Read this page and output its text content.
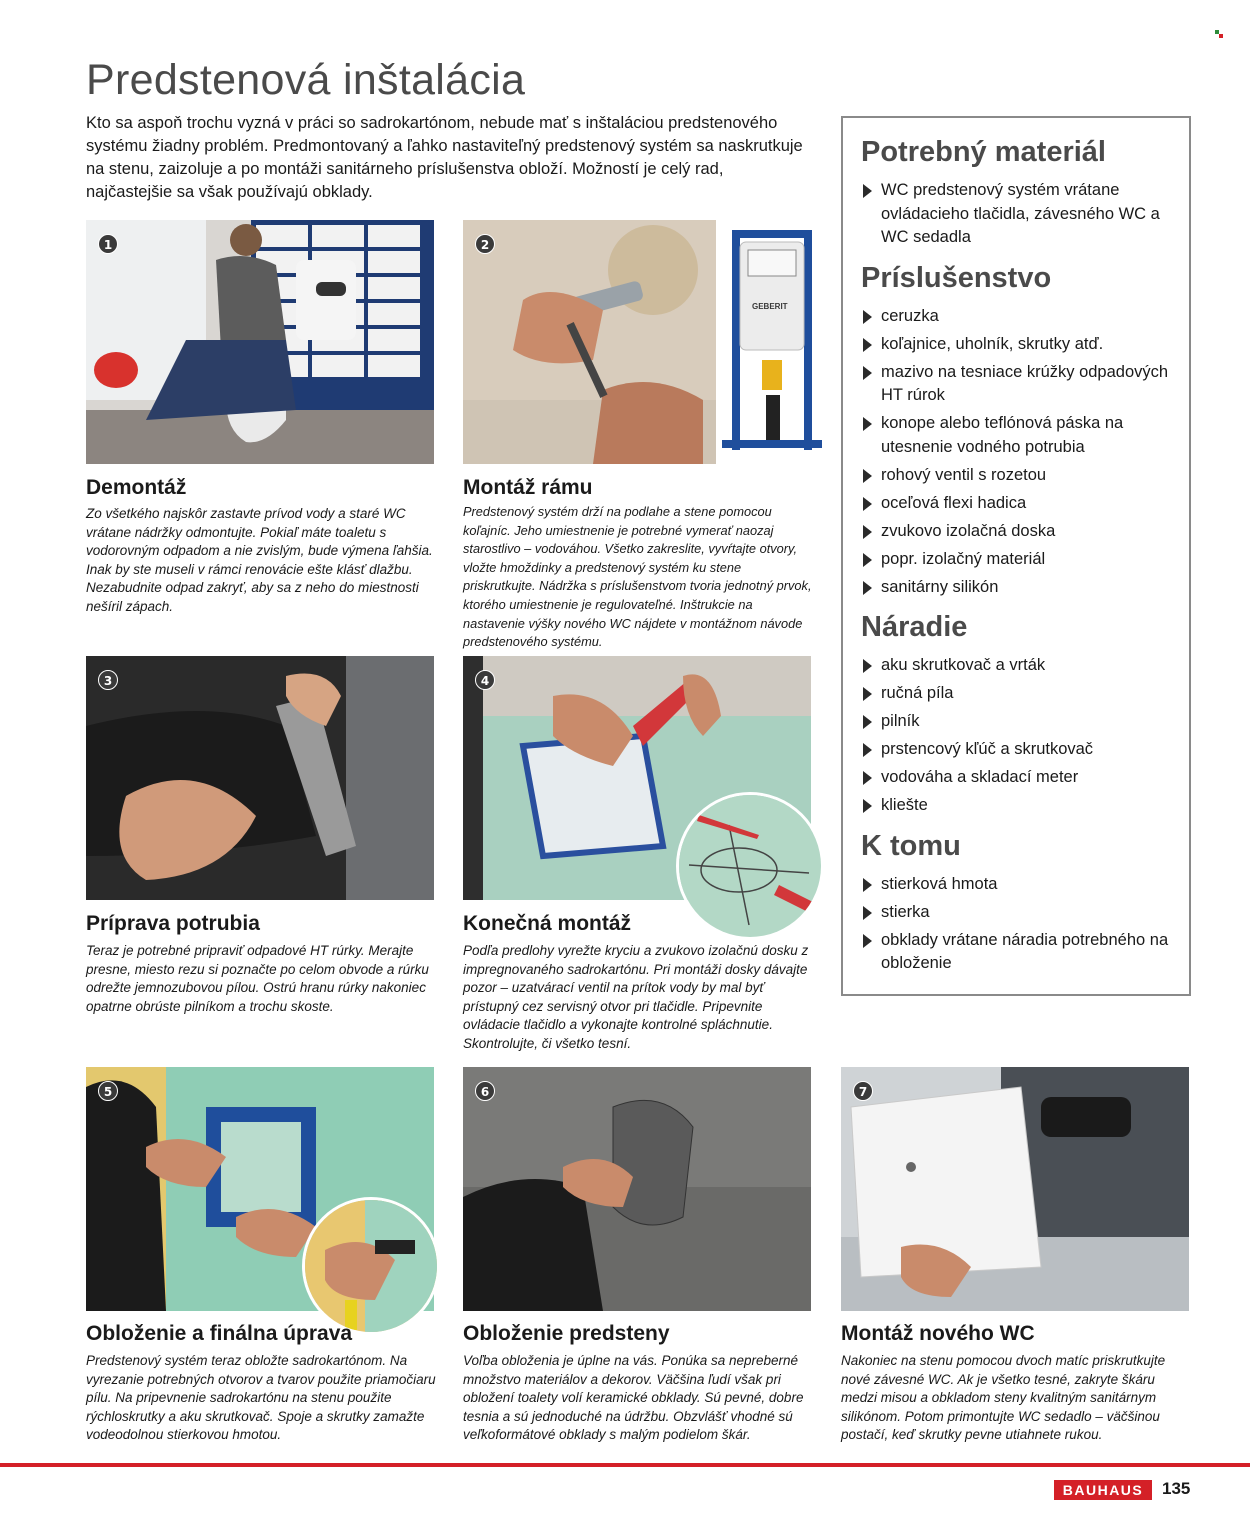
Predstenová inštalácia
Kto sa aspoň trochu vyzná v práci so sadrokartónom, nebude mať s inštaláciou predstenového systému žiadny problém. Predmontovaný a ľahko nastaviteľný predstenový systém sa naskrutkuje na stenu, zaizoluje a po montáži sanitárneho príslušenstva obloží. Možností je celý rad, najčastejšie sa však používajú obklady.
1	2
GEBERIT
3	4
5	6	7
Demontáž
Zo všetkého najskôr zastavte prívod vody a staré WC vrátane nádržky odmontujte. Pokiaľ máte toaletu s vodorovným odpadom a nie zvislým, bude výmena ľahšia. Inak by ste museli v rámci renovácie ešte klásť dlažbu. Nezabudnite odpad zakryť, aby sa z neho do miestnosti nešíril zápach.
Montáž rámu
Predstenový systém drží na podlahe a stene pomocou koľajníc. Jeho umiestnenie je potrebné vymerať naozaj starostlivo – vodováhou. Všetko zakreslite, vyvŕtajte otvory, vložte hmoždinky a predstenový systém ku stene priskrutkujte. Nádržka s príslušenstvom tvoria jednotný prvok, ktorého umiestnenie je regulovateľné. Inštrukcie na nastavenie výšky nového WC nájdete v montážnom návode predstenového systému.
Príprava potrubia
Teraz je potrebné pripraviť odpadové HT rúrky. Merajte presne, miesto rezu si poznačte po celom obvode a rúrku odrežte jemnozubovou pílou. Ostrú hranu rúrky nakoniec opatrne obrúste pilníkom a trochu skoste.
Konečná montáž
Podľa predlohy vyrežte kryciu a zvukovo izolačnú dosku z impregnovaného sadrokartónu. Pri montáži dosky dávajte pozor – uzatvárací ventil na prítok vody by mal byť prístupný cez servisný otvor pri tlačidle. Pripevnite ovládacie tlačidlo a vykonajte kontrolné spláchnutie. Skontrolujte, či všetko tesní.
Obloženie a finálna úprava
Predstenový systém teraz obložte sadrokartónom. Na vyrezanie potrebných otvorov a tvarov použite priamočiaru pílu. Na pripevnenie sadrokartónu na stenu použite rýchloskrutky a aku skrutkovač. Spoje a skrutky zamažte vodeodolnou stierkovou hmotou.
Obloženie predsteny
Voľba obloženia je úplne na vás. Ponúka sa nepreberné množstvo materiálov a dekorov. Väčšina ľudí však pri obložení toalety volí keramické obklady. Sú pevné, dobre tesnia a sú jednoduché na údržbu. Obzvlášť vhodné sú veľkoformátové obklady s malým podielom škár.
Montáž nového WC
Nakoniec na stenu pomocou dvoch matíc priskrutkujte nové závesné WC. Ak je všetko tesné, zakryte škáru medzi misou a obkladom steny kvalitným sanitárnym silikónom. Potom primontujte WC sedadlo – väčšinou postačí, keď skrutky pevne utiahnete rukou.
Potrebný materiál
WC predstenový systém vrátane ovládacieho tlačidla, závesného WC a WC sedadla
Príslušenstvo
ceruzka
koľajnice, uholník, skrutky atď.
mazivo na tesniace krúžky odpadových HT rúrok
konope alebo teflónová páska na utesnenie vodného potrubia
rohový ventil s rozetou
oceľová flexi hadica
zvukovo izolačná doska
popr. izolačný materiál
sanitárny silikón
Náradie
aku skrutkovač a vrták
ručná píla
pilník
prstencový kľúč a skrutkovač
vodováha a skladací meter
kliešte
K tomu
stierková hmota
stierka
obklady vrátane náradia potrebného na obloženie
BAUHAUS	135
